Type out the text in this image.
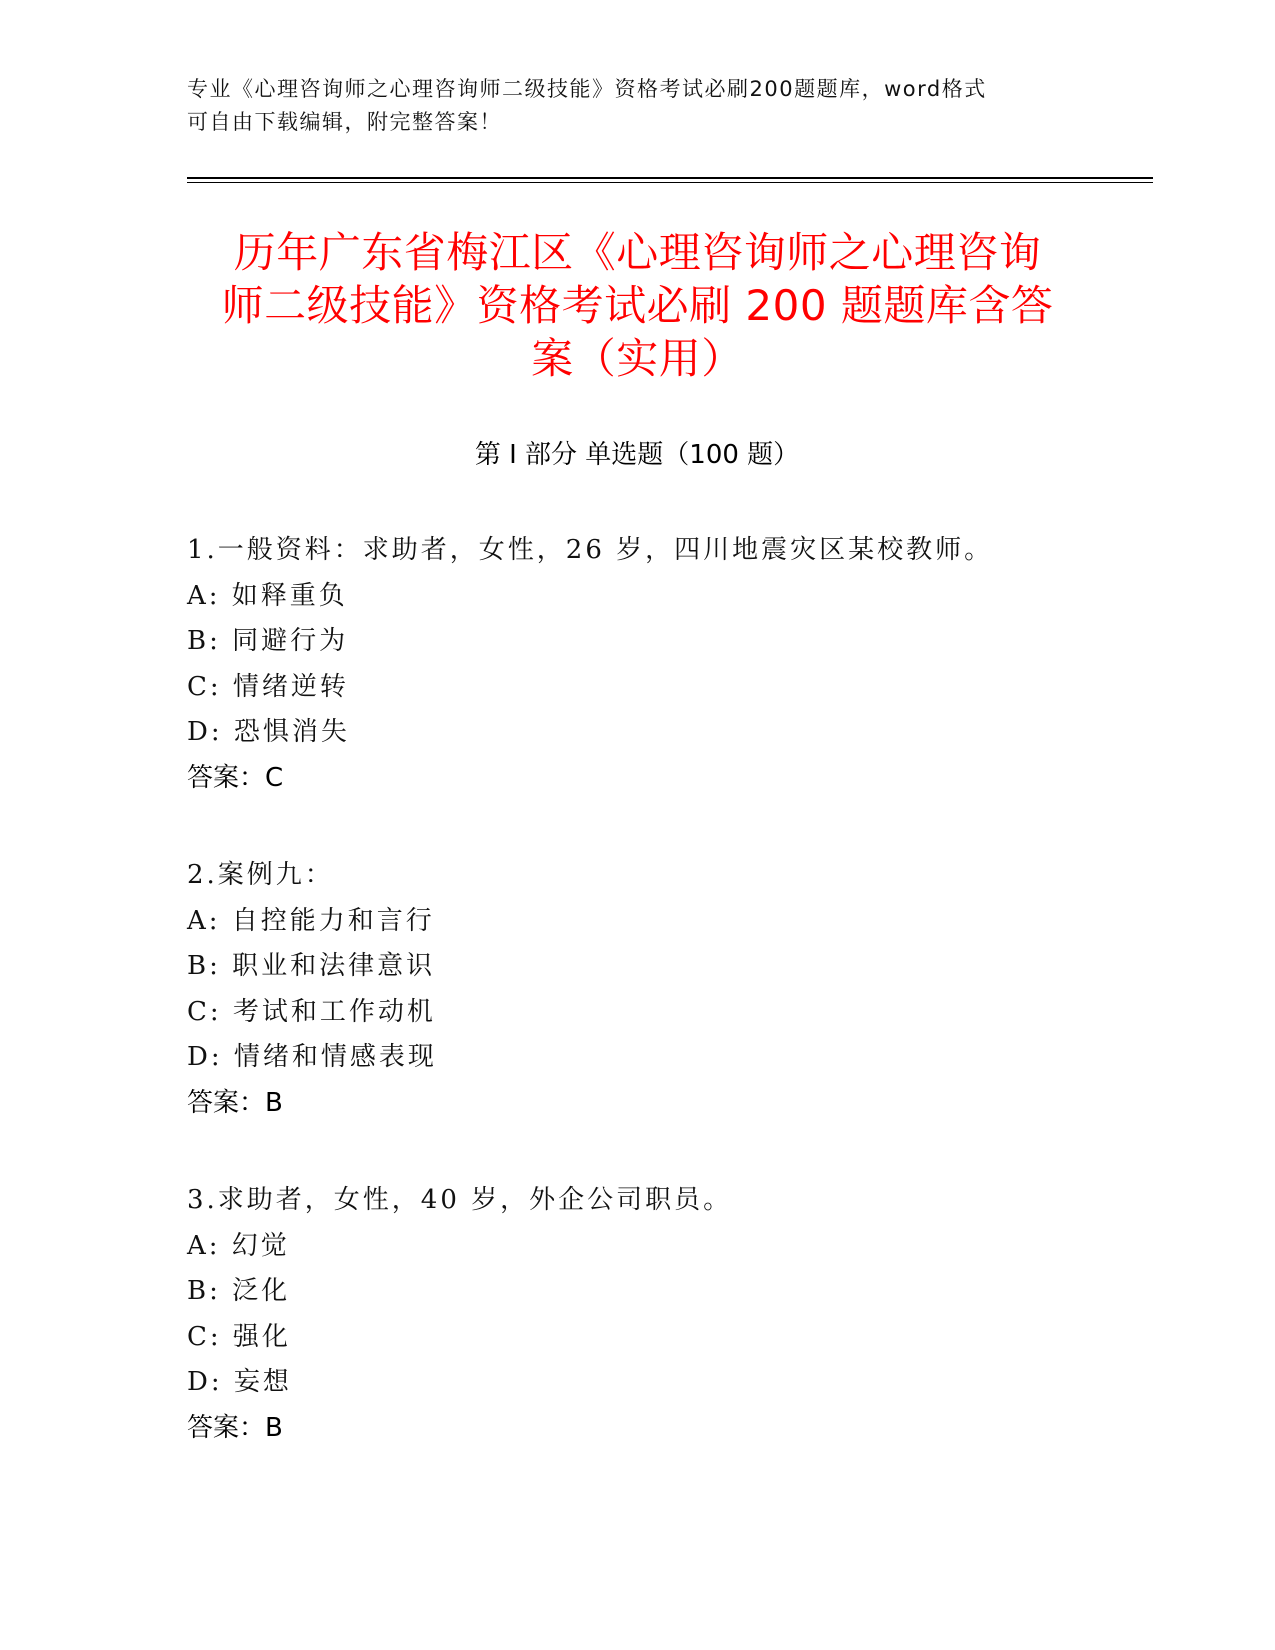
专业《心理咨询师之心理咨询师二级技能》资格考试必刷200题题库，word格式
可自由下载编辑，附完整答案！
历年广东省梅江区《心理咨询师之心理咨询
师二级技能》资格考试必刷 200 题题库含答
案（实用）
第 I 部分 单选题（100 题）
1.一般资料：求助者，女性，26 岁，四川地震灾区某校教师。
A: 如释重负
B: 同避行为
C: 情绪逆转
D: 恐惧消失
答案：C
2.案例九：
A: 自控能力和言行
B: 职业和法律意识
C: 考试和工作动机
D: 情绪和情感表现
答案：B
3.求助者，女性，40 岁，外企公司职员。
A: 幻觉
B: 泛化
C: 强化
D: 妄想
答案：B
